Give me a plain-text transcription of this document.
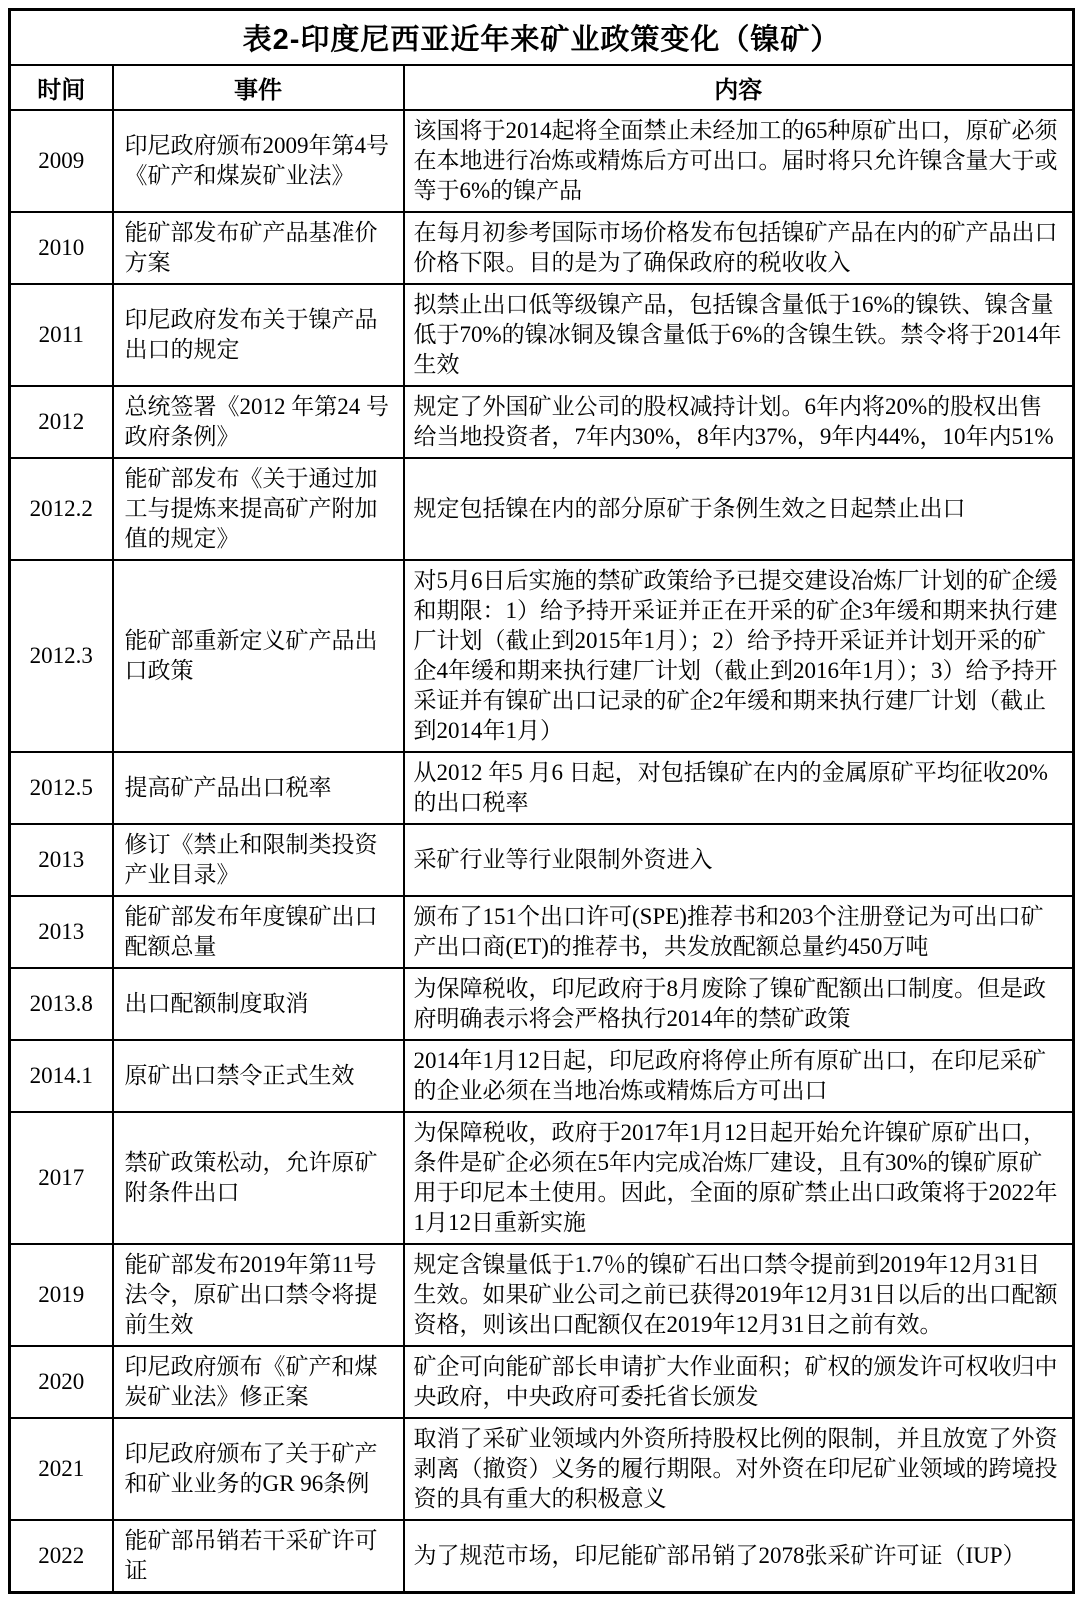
表2-印度尼西亚近年来矿业政策变化（镍矿）		
时间	事件	内容
2009	印尼政府颁布2009年第4号《矿产和煤炭矿业法》	该国将于2014起将全面禁止未经加工的65种原矿出口，原矿必须在本地进行冶炼或精炼后方可出口。届时将只允许镍含量大于或等于6%的镍产品
2010	能矿部发布矿产品基准价方案	在每月初参考国际市场价格发布包括镍矿产品在内的矿产品出口价格下限。目的是为了确保政府的税收收入
2011	印尼政府发布关于镍产品出口的规定	拟禁止出口低等级镍产品，包括镍含量低于16%的镍铁、镍含量低于70%的镍冰铜及镍含量低于6%的含镍生铁。禁令将于2014年生效
2012	总统签署《2012 年第24 号政府条例》	规定了外国矿业公司的股权减持计划。6年内将20%的股权出售给当地投资者，7年内30%，8年内37%，9年内44%，10年内51%
2012.2	能矿部发布《关于通过加工与提炼来提高矿产附加值的规定》	规定包括镍在内的部分原矿于条例生效之日起禁止出口
2012.3	能矿部重新定义矿产品出口政策	对5月6日后实施的禁矿政策给予已提交建设冶炼厂计划的矿企缓和期限：1）给予持开采证并正在开采的矿企3年缓和期来执行建厂计划（截止到2015年1月）；2）给予持开采证并计划开采的矿企4年缓和期来执行建厂计划（截止到2016年1月）；3）给予持开采证并有镍矿出口记录的矿企2年缓和期来执行建厂计划（截止到2014年1月）
2012.5	提高矿产品出口税率	从2012 年5 月6 日起，对包括镍矿在内的金属原矿平均征收20%的出口税率
2013	修订《禁止和限制类投资产业目录》	采矿行业等行业限制外资进入
2013	能矿部发布年度镍矿出口配额总量	颁布了151个出口许可(SPE)推荐书和203个注册登记为可出口矿产出口商(ET)的推荐书，共发放配额总量约450万吨
2013.8	出口配额制度取消	为保障税收，印尼政府于8月废除了镍矿配额出口制度。但是政府明确表示将会严格执行2014年的禁矿政策
2014.1	原矿出口禁令正式生效	2014年1月12日起，印尼政府将停止所有原矿出口，在印尼采矿的企业必须在当地冶炼或精炼后方可出口
2017	禁矿政策松动，允许原矿附条件出口	为保障税收，政府于2017年1月12日起开始允许镍矿原矿出口，条件是矿企必须在5年内完成冶炼厂建设，且有30%的镍矿原矿用于印尼本土使用。因此，全面的原矿禁止出口政策将于2022年1月12日重新实施
2019	能矿部发布2019年第11号法令，原矿出口禁令将提前生效	规定含镍量低于1.7％的镍矿石出口禁令提前到2019年12月31日生效。如果矿业公司之前已获得2019年12月31日以后的出口配额资格，则该出口配额仅在2019年12月31日之前有效。
2020	印尼政府颁布《矿产和煤炭矿业法》修正案	矿企可向能矿部长申请扩大作业面积；矿权的颁发许可权收归中央政府，中央政府可委托省长颁发
2021	印尼政府颁布了关于矿产和矿业业务的GR 96条例	取消了采矿业领域内外资所持股权比例的限制，并且放宽了外资剥离（撤资）义务的履行期限。对外资在印尼矿业领域的跨境投资的具有重大的积极意义
2022	能矿部吊销若干采矿许可证	为了规范市场，印尼能矿部吊销了2078张采矿许可证（IUP）
